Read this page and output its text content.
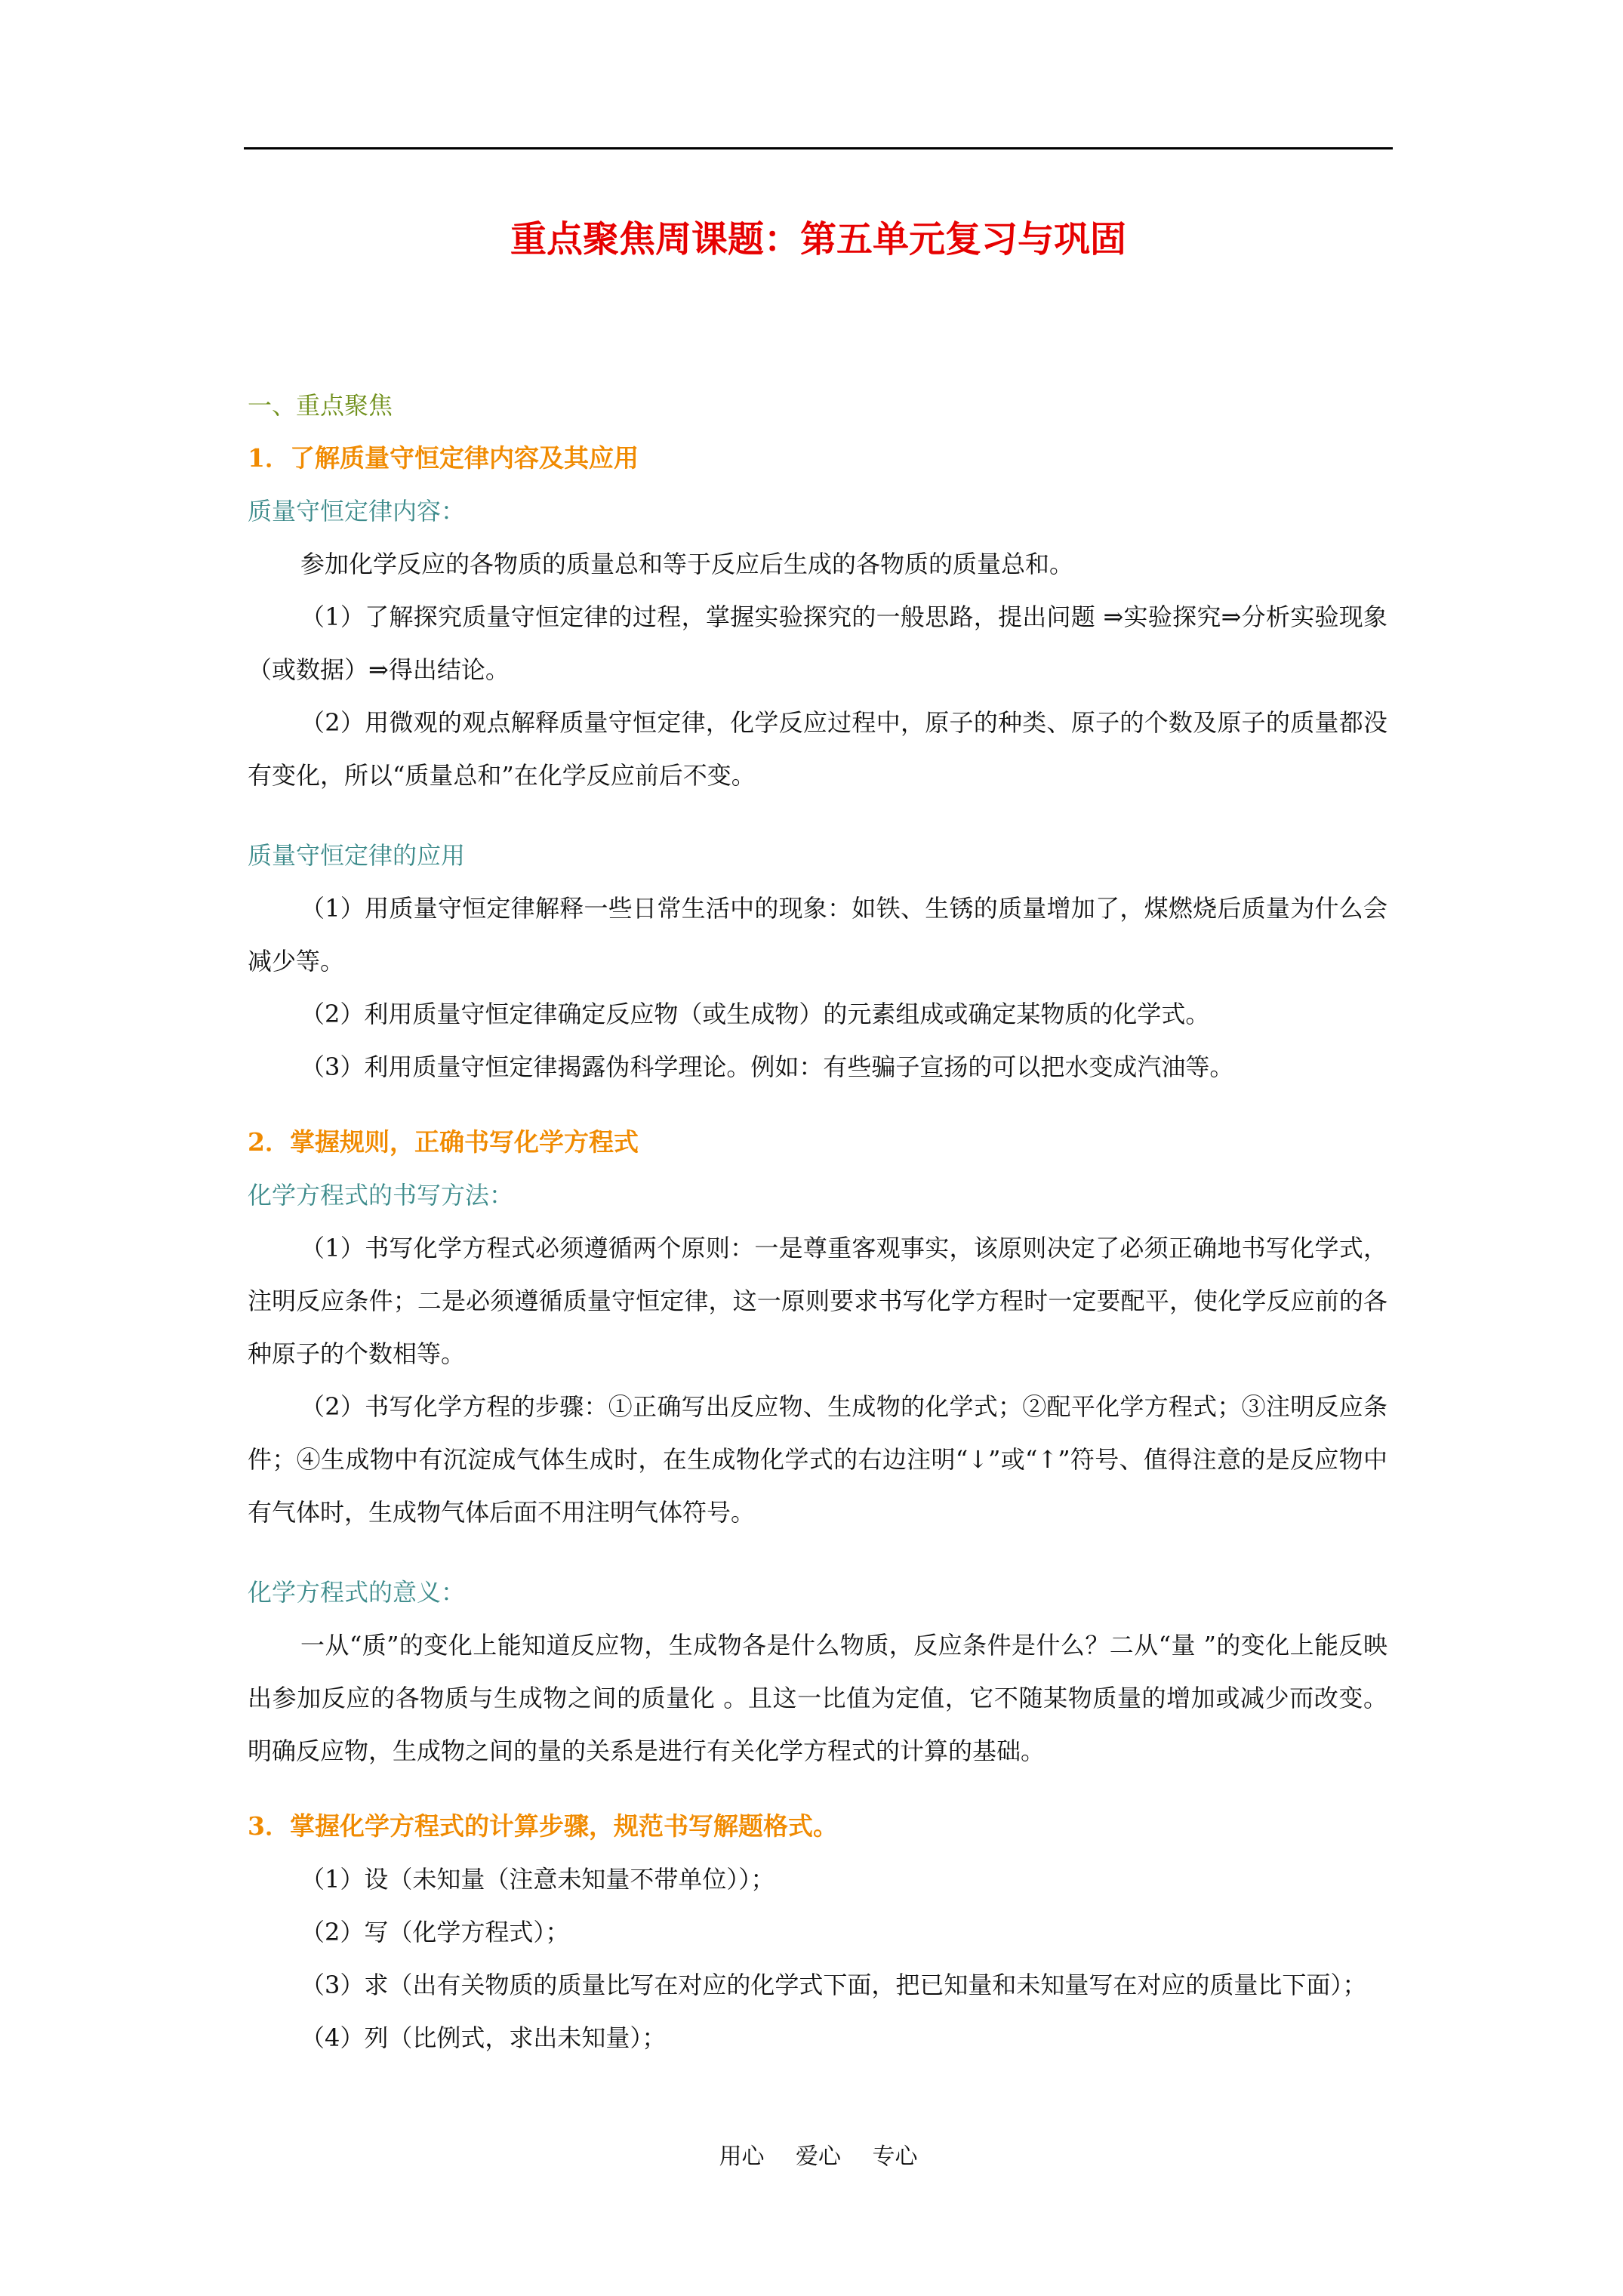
重点聚焦周课题：第五单元复习与巩固
一、重点聚焦
1．了解质量守恒定律内容及其应用
质量守恒定律内容：

参加化学反应的各物质的质量总和等于反应后生成的各物质的质量总和。

（1）了解探究质量守恒定律的过程，掌握实验探究的一般思路，提出问题 ⇒实验探究⇒分析实验现象（或数据）⇒得出结论。

（2）用微观的观点解释质量守恒定律，化学反应过程中，原子的种类、原子的个数及原子的质量都没有变化，所以“质量总和”在化学反应前后不变。

质量守恒定律的应用

（1）用质量守恒定律解释一些日常生活中的现象：如铁、生锈的质量增加了，煤燃烧后质量为什么会减少等。

（2）利用质量守恒定律确定反应物（或生成物）的元素组成或确定某物质的化学式。

（3）利用质量守恒定律揭露伪科学理论。例如：有些骗子宣扬的可以把水变成汽油等。

2．掌握规则，正确书写化学方程式
化学方程式的书写方法：

（1）书写化学方程式必须遵循两个原则：一是尊重客观事实，该原则决定了必须正确地书写化学式，注明反应条件；二是必须遵循质量守恒定律，这一原则要求书写化学方程时一定要配平，使化学反应前的各种原子的个数相等。

（2）书写化学方程的步骤：①正确写出反应物、生成物的化学式；②配平化学方程式；③注明反应条件；④生成物中有沉淀成气体生成时，在生成物化学式的右边注明“↓”或“↑”符号、值得注意的是反应物中有气体时，生成物气体后面不用注明气体符号。

化学方程式的意义：

一从“质”的变化上能知道反应物，生成物各是什么物质，反应条件是什么？二从“量 ”的变化上能反映出参加反应的各物质与生成物之间的质量化 。且这一比值为定值，它不随某物质量的增加或减少而改变。明确反应物，生成物之间的量的关系是进行有关化学方程式的计算的基础。

3．掌握化学方程式的计算步骤，规范书写解题格式。

（1）设（未知量（注意未知量不带单位））；

（2）写（化学方程式）；

（3）求（出有关物质的质量比写在对应的化学式下面，把已知量和未知量写在对应的质量比下面）；

（4）列（比例式，求出未知量）；

用心 爱心 专心
